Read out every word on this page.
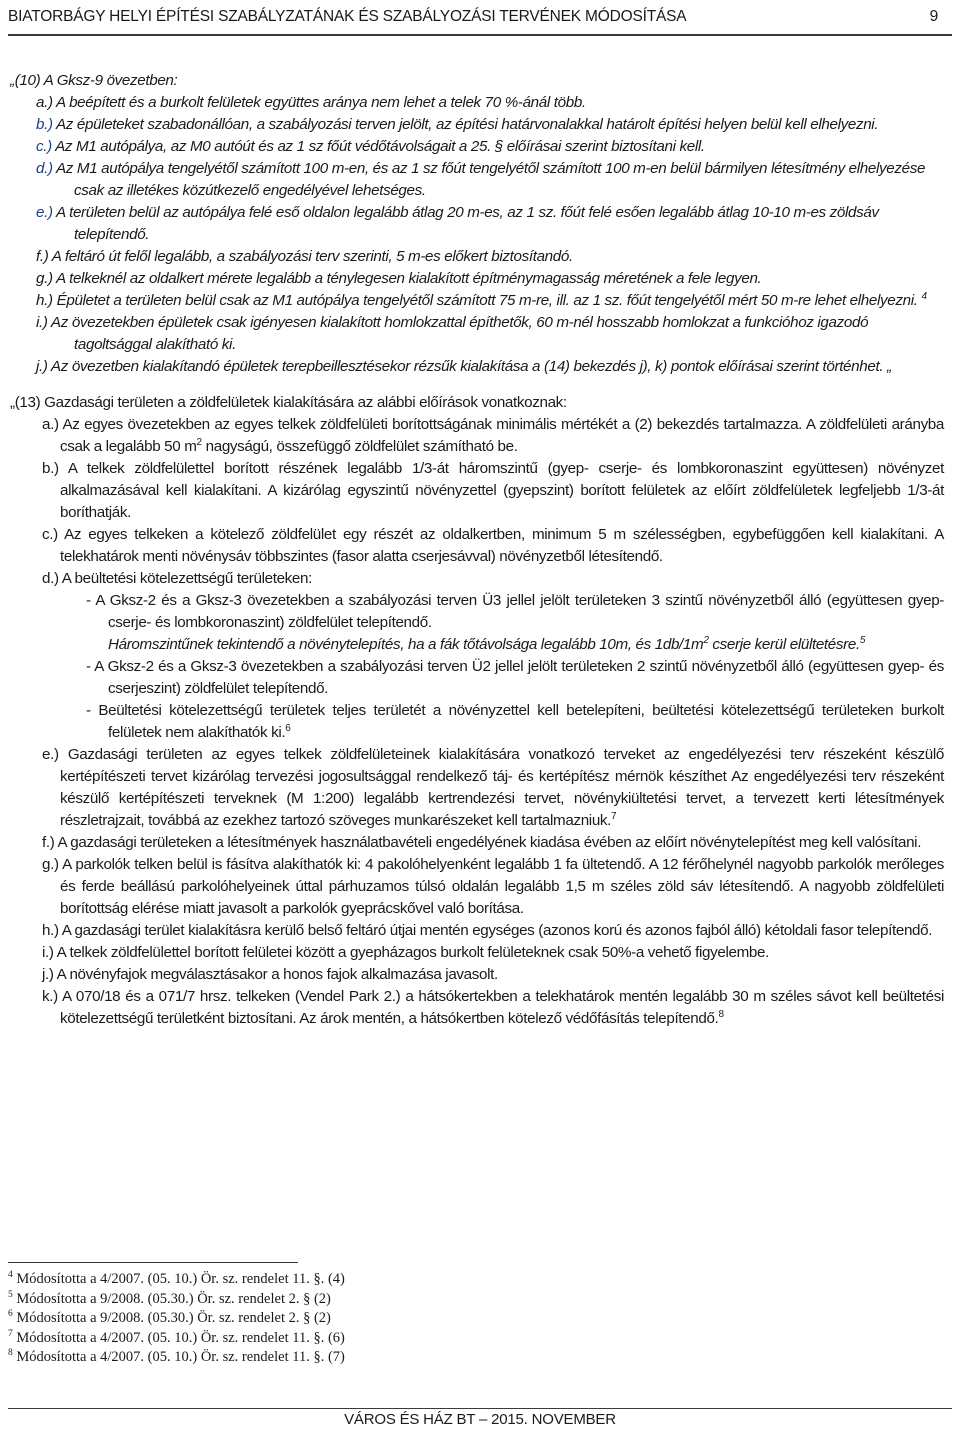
BIATORBÁGY HELYI ÉPÍTÉSI SZABÁLYZATÁNAK ÉS SZABÁLYOZÁSI TERVÉNEK MÓDOSÍTÁSA	9

„(10) A Gksz-9 övezetben:

a.) A beépített és a burkolt felületek együttes aránya nem lehet a telek 70 %-ánál több.

b.) Az épületeket szabadonállóan, a szabályozási terven jelölt, az építési határvonalakkal határolt építési helyen belül kell elhelyezni.

c.) Az M1 autópálya, az M0 autóút és az 1 sz főút védőtávolságait a 25. § előírásai szerint biztosítani kell.

d.) Az M1 autópálya tengelyétől számított 100 m-en, és az 1 sz főút tengelyétől számított 100 m-en belül bármilyen létesítmény elhelyezése csak az illetékes közútkezelő engedélyével lehetséges.

e.) A területen belül az autópálya felé eső oldalon legalább átlag 20 m-es, az 1 sz. főút felé esően legalább átlag 10-10 m-es zöldsáv telepítendő.

f.) A feltáró út felől legalább, a szabályozási terv szerinti, 5 m-es előkert biztosítandó.

g.) A telkeknél az oldalkert mérete legalább a ténylegesen kialakított építménymagasság méretének a fele legyen.

h.) Épületet a területen belül csak az M1 autópálya tengelyétől számított 75 m-re, ill. az 1 sz. főút tengelyétől mért 50 m-re lehet elhelyezni. $^4$

i.) Az övezetekben épületek csak igényesen kialakított homlokzattal építhetők, 60 m-nél hosszabb homlokzat a funkcióhoz igazodó tagoltsággal alakítható ki.

j.) Az övezetben kialakítandó épületek terepbeillesztésekor rézsűk kialakítása a (14) bekezdés j), k) pontok előírásai szerint történhet. „

„(13) Gazdasági területen a zöldfelületek kialakítására az alábbi előírások vonatkoznak:

a.) Az egyes övezetekben az egyes telkek zöldfelületi borítottságának minimális mértékét a (2) bekezdés tartalmazza. A zöldfelületi arányba csak a legalább 50 $m^2$ nagyságú, összefüggő zöldfelület számítható be.

b.) A telkek zöldfelülettel borított részének legalább 1/3-át háromszintű (gyep- cserje- és lombkoronaszint együttesen) növényzet alkalmazásával kell kialakítani. A kizárólag egyszintű növényzettel (gyepszint) borított felületek az előírt zöldfelületek legfeljebb 1/3-át boríthatják.

c.) Az egyes telkeken a kötelező zöldfelület egy részét az oldalkertben, minimum 5 m szélességben, egybefüggően kell kialakítani. A telekhatárok menti növénysáv többszintes (fasor alatta cserjesávval) növényzetből létesítendő.

d.) A beültetési kötelezettségű területeken:

- A Gksz-2 és a Gksz-3 övezetekben a szabályozási terven Ü3 jellel jelölt területeken 3 szintű növényzetből álló (együttesen gyep- cserje- és lombkoronaszint) zöldfelület telepítendő.

Háromszintűnek tekintendő a növénytelepítés, ha a fák tőtávolsága legalább 10m, és $1db/1m^2$ cserje kerül elültetésre.$^5$

- A Gksz-2 és a Gksz-3 övezetekben a szabályozási terven Ü2 jellel jelölt területeken 2 szintű növényzetből álló (együttesen gyep- és cserjeszint) zöldfelület telepítendő.

- Beültetési kötelezettségű területek teljes területét a növényzettel kell betelepíteni, beültetési kötelezettségű területeken burkolt felületek nem alakíthatók ki.$^6$

e.) Gazdasági területen az egyes telkek zöldfelületeinek kialakítására vonatkozó terveket az engedélyezési terv részeként készülő kertépítészeti tervet kizárólag tervezési jogosultsággal rendelkező táj- és kertépítész mérnök készíthet Az engedélyezési terv részeként készülő kertépítészeti terveknek (M 1:200) legalább kertrendezési tervet, növénykiültetési tervet, a tervezett kerti létesítmények részletrajzait, továbbá az ezekhez tartozó szöveges munkarészeket kell tartalmazniuk.$^7$

f.) A gazdasági területeken a létesítmények használatbavételi engedélyének kiadása évében az előírt növénytelepítést meg kell valósítani.

g.) A parkolók telken belül is fásítva alakíthatók ki: 4 pakolóhelyenként legalább 1 fa ültetendő. A 12 férőhelynél nagyobb parkolók merőleges és ferde beállású parkolóhelyeinek úttal párhuzamos túlsó oldalán legalább 1,5 m széles zöld sáv létesítendő. A nagyobb zöldfelületi borítottság elérése miatt javasolt a parkolók gyeprácskővel való borítása.

h.) A gazdasági terület kialakításra kerülő belső feltáró útjai mentén egységes (azonos korú és azonos fajból álló) kétoldali fasor telepítendő.

i.) A telkek zöldfelülettel borított felületei között a gyepházagos burkolt felületeknek csak 50%-a vehető figyelembe.

j.) A növényfajok megválasztásakor a honos fajok alkalmazása javasolt.

k.) A 070/18 és a 071/7 hrsz. telkeken (Vendel Park 2.) a hátsókertekben a telekhatárok mentén legalább 30 m széles sávot kell beültetési kötelezettségű területként biztosítani. Az árok mentén, a hátsókertben kötelező védőfásítás telepítendő.$^8$

$^4$ Módosította a 4/2007. (05. 10.) Ör. sz. rendelet 11. §. (4)
$^5$ Módosította a 9/2008. (05.30.) Ör. sz. rendelet 2. § (2)
$^6$ Módosította a 9/2008. (05.30.) Ör. sz. rendelet 2. § (2)
$^7$ Módosította a 4/2007. (05. 10.) Ör. sz. rendelet 11. §. (6)
$^8$ Módosította a 4/2007. (05. 10.) Ör. sz. rendelet 11. §. (7)
VÁROS ÉS HÁZ BT – 2015. NOVEMBER
